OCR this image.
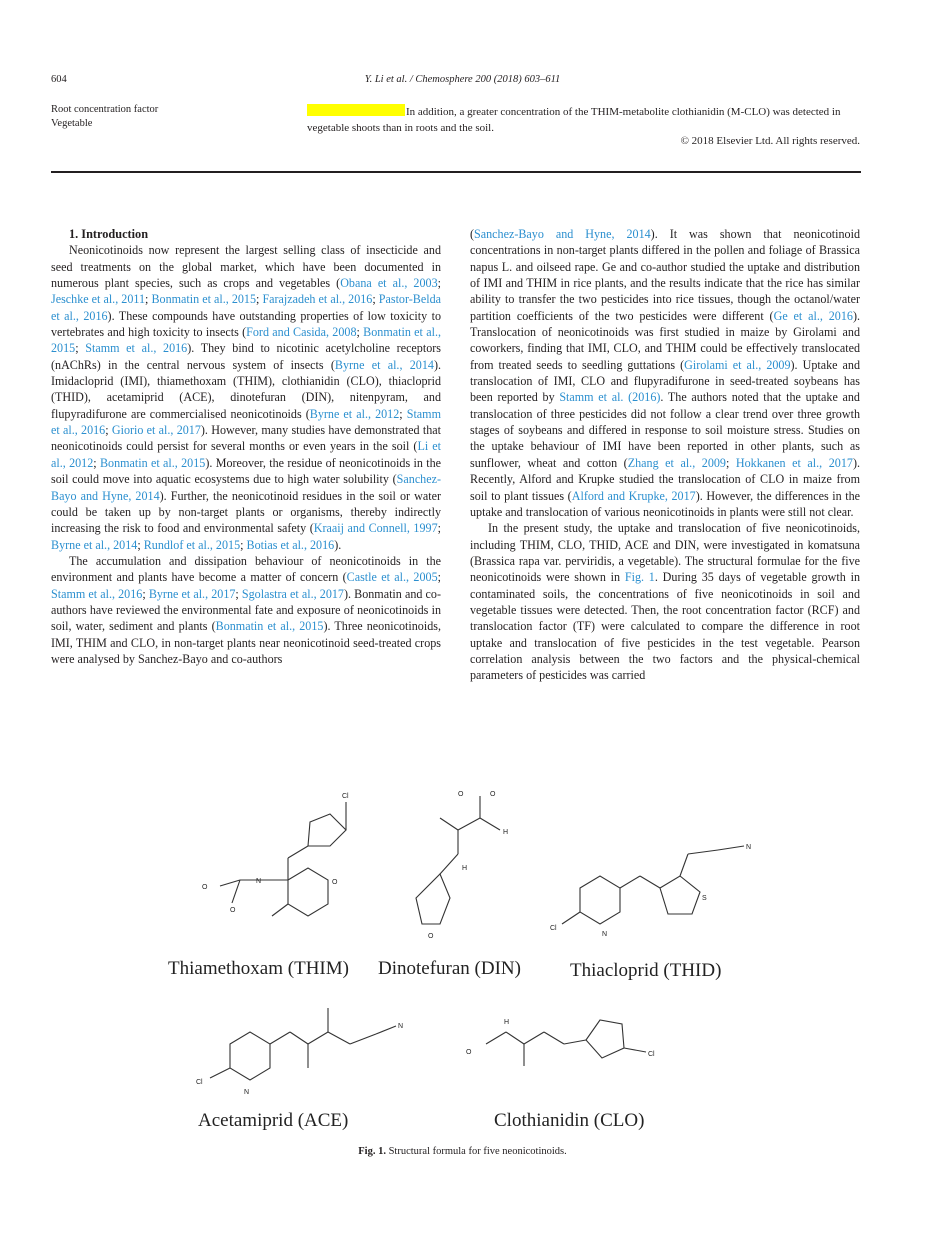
604	Y. Li et al. / Chemosphere 200 (2018) 603–611
Root concentration factor
Vegetable
In addition, a greater concentration of the THIM-metabolite clothianidin (M-CLO) was detected in vegetable shoots than in roots and the soil.
© 2018 Elsevier Ltd. All rights reserved.

1. Introduction

Neonicotinoids now represent the largest selling class of insecticide and seed treatments on the global market, which have been documented in numerous plant species, such as crops and vegetables (Obana et al., 2003; Jeschke et al., 2011; Bonmatin et al., 2015; Farajzadeh et al., 2016; Pastor-Belda et al., 2016). These compounds have outstanding properties of low toxicity to vertebrates and high toxicity to insects (Ford and Casida, 2008; Bonmatin et al., 2015; Stamm et al., 2016). They bind to nicotinic acetylcholine receptors (nAChRs) in the central nervous system of insects (Byrne et al., 2014). Imidacloprid (IMI), thiamethoxam (THIM), clothianidin (CLO), thiacloprid (THID), acetamiprid (ACE), dinotefuran (DIN), nitenpyram, and flupyradifurone are commercialised neonicotinoids (Byrne et al., 2012; Stamm et al., 2016; Giorio et al., 2017). However, many studies have demonstrated that neonicotinoids could persist for several months or even years in the soil (Li et al., 2012; Bonmatin et al., 2015). Moreover, the residue of neonicotinoids in the soil could move into aquatic ecosystems due to high water solubility (Sanchez-Bayo and Hyne, 2014). Further, the neonicotinoid residues in the soil or water could be taken up by non-target plants or organisms, thereby indirectly increasing the risk to food and environmental safety (Kraaij and Connell, 1997; Byrne et al., 2014; Rundlof et al., 2015; Botias et al., 2016).

The accumulation and dissipation behaviour of neonicotinoids in the environment and plants have become a matter of concern (Castle et al., 2005; Stamm et al., 2016; Byrne et al., 2017; Sgolastra et al., 2017). Bonmatin and co-authors have reviewed the environmental fate and exposure of neonicotinoids in soil, water, sediment and plants (Bonmatin et al., 2015). Three neonicotinoids, IMI, THIM and CLO, in non-target plants near neonicotinoid seed-treated crops were analysed by Sanchez-Bayo and co-authors

(Sanchez-Bayo and Hyne, 2014). It was shown that neonicotinoid concentrations in non-target plants differed in the pollen and foliage of Brassica napus L. and oilseed rape. Ge and co-author studied the uptake and distribution of IMI and THIM in rice plants, and the results indicate that the rice has similar ability to transfer the two pesticides into rice tissues, though the octanol/water partition coefficients of the two pesticides were different (Ge et al., 2016). Translocation of neonicotinoids was first studied in maize by Girolami and coworkers, finding that IMI, CLO, and THIM could be effectively translocated from treated seeds to seedling guttations (Girolami et al., 2009). Uptake and translocation of IMI, CLO and flupyradifurone in seed-treated soybeans has been reported by Stamm et al. (2016). The authors noted that the uptake and translocation of three pesticides did not follow a clear trend over three growth stages of soybeans and differed in response to soil moisture stress. Studies on the uptake behaviour of IMI have been reported in other plants, such as sunflower, wheat and cotton (Zhang et al., 2009; Hokkanen et al., 2017). Recently, Alford and Krupke studied the translocation of CLO in maize from soil to plant tissues (Alford and Krupke, 2017). However, the differences in the uptake and translocation of various neonicotinoids in plants were still not clear.

In the present study, the uptake and translocation of five neonicotinoids, including THIM, CLO, THID, ACE and DIN, were investigated in komatsuna (Brassica rapa var. perviridis, a vegetable). The structural formulae for the five neonicotinoids were shown in Fig. 1. During 35 days of vegetable growth in contaminated soils, the concentrations of five neonicotinoids in soil and vegetable tissues were detected. Then, the root concentration factor (RCF) and translocation factor (TF) were calculated to compare the difference in root uptake and translocation of five pesticides in the test vegetable. Pearson correlation analysis between the two factors and the physical-chemical parameters of pesticides was carried

O
O
N
Cl
O
O	O
H
H
O
Cl
N
S
N
Cl
N
N
O
H
Cl
Thiamethoxam (THIM) Dinotefuran (DIN)	Thiacloprid (THID)
Acetamiprid (ACE)	Clothianidin (CLO)
Fig. 1. Structural formula for five neonicotinoids.
